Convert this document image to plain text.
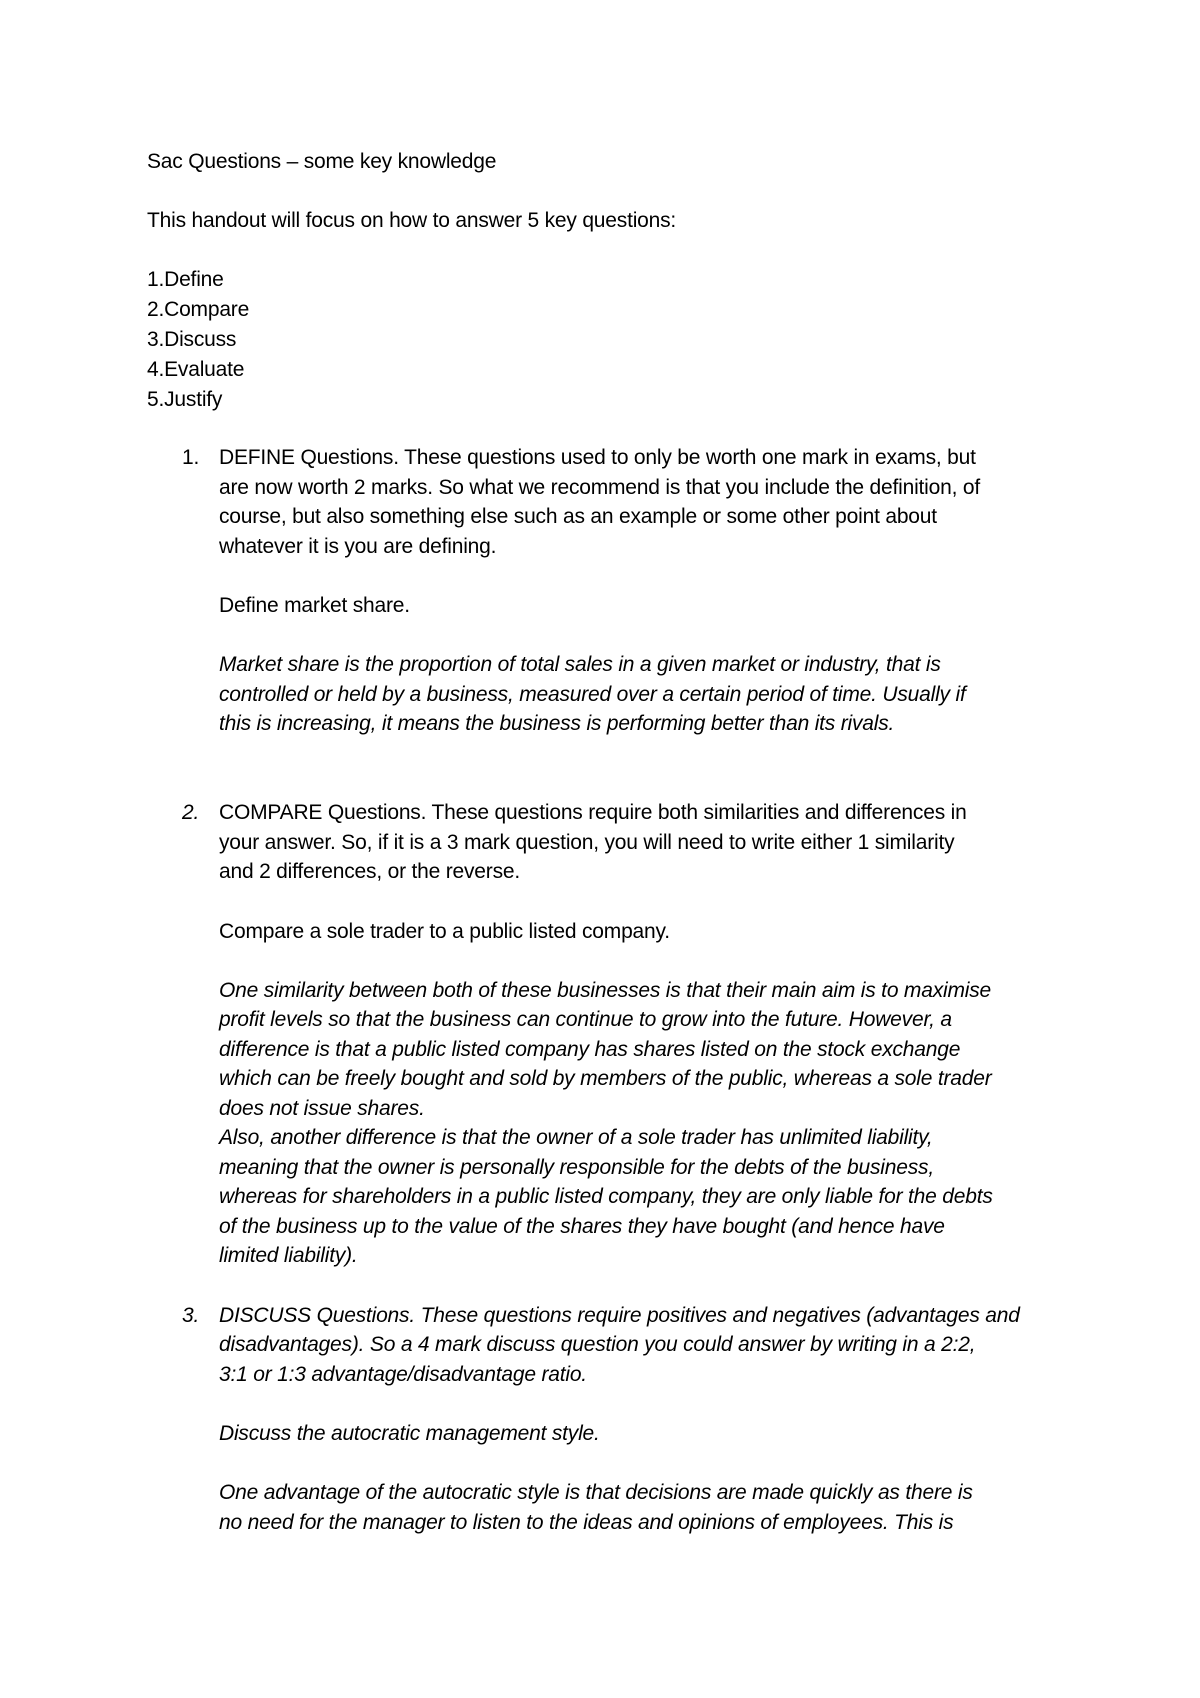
Sac Questions – some key knowledge
This handout will focus on how to answer 5 key questions:
1.Define
2.Compare
3.Discuss
4.Evaluate
5.Justify
1. DEFINE Questions. These questions used to only be worth one mark in exams, but
are now worth 2 marks. So what we recommend is that you include the definition, of
course, but also something else such as an example or some other point about
whatever it is you are defining.
Define market share.
Market share is the proportion of total sales in a given market or industry, that is
controlled or held by a business, measured over a certain period of time. Usually if
this is increasing, it means the business is performing better than its rivals.
2. COMPARE Questions. These questions require both similarities and differences in
your answer. So, if it is a 3 mark question, you will need to write either 1 similarity
and 2 differences, or the reverse.
Compare a sole trader to a public listed company.
One similarity between both of these businesses is that their main aim is to maximise
profit levels so that the business can continue to grow into the future. However, a
difference is that a public listed company has shares listed on the stock exchange
which can be freely bought and sold by members of the public, whereas a sole trader
does not issue shares.
Also, another difference is that the owner of a sole trader has unlimited liability,
meaning that the owner is personally responsible for the debts of the business,
whereas for shareholders in a public listed company, they are only liable for the debts
of the business up to the value of the shares they have bought (and hence have
limited liability).
3. DISCUSS Questions. These questions require positives and negatives (advantages and
disadvantages). So a 4 mark discuss question you could answer by writing in a 2:2,
3:1 or 1:3 advantage/disadvantage ratio.
Discuss the autocratic management style.
One advantage of the autocratic style is that decisions are made quickly as there is
no need for the manager to listen to the ideas and opinions of employees. This is
